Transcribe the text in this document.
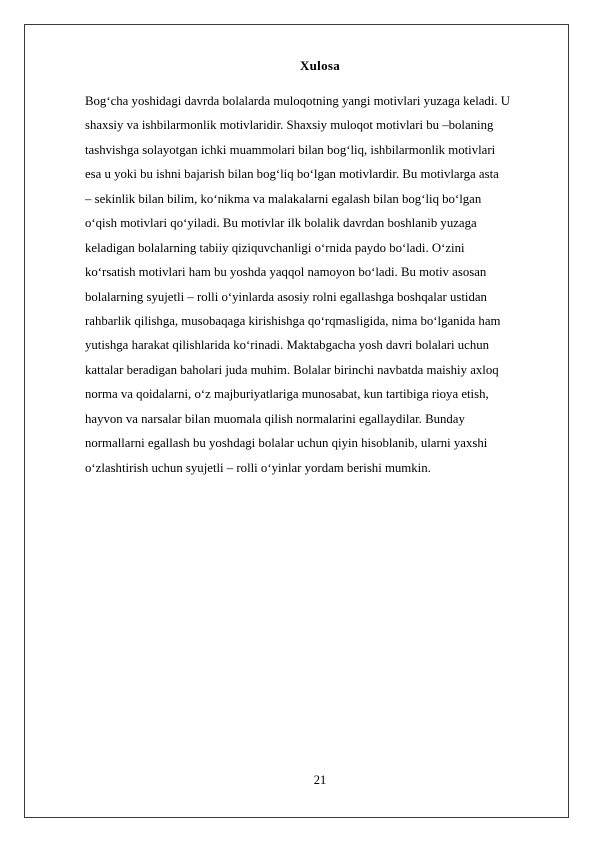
Xulosa
Bog‘cha yoshidagi davrda bolalarda muloqotning yangi motivlari yuzaga keladi. U
shaxsiy va ishbilarmonlik motivlaridir. Shaxsiy muloqot motivlari bu –bolaning
tashvishga solayotgan ichki muammolari bilan bog‘liq, ishbilarmonlik motivlari
esa u yoki bu ishni bajarish bilan bog‘liq bo‘lgan motivlardir. Bu motivlarga asta
– sekinlik bilan bilim, ko‘nikma va malakalarni egalash bilan bog‘liq bo‘lgan
o‘qish motivlari qo‘yiladi. Bu motivlar ilk bolalik davrdan boshlanib yuzaga
keladigan bolalarning tabiiy qiziquvchanligi o‘rnida paydo bo‘ladi. O‘zini
ko‘rsatish motivlari ham bu yoshda yaqqol namoyon bo‘ladi. Bu motiv asosan
bolalarning syujetli – rolli o‘yinlarda asosiy rolni egallashga boshqalar ustidan
rahbarlik qilishga, musobaqaga kirishishga qo‘rqmasligida, nima bo‘lganida ham
yutishga harakat qilishlarida ko‘rinadi. Maktabgacha yosh davri bolalari uchun
kattalar beradigan baholari juda muhim. Bolalar birinchi navbatda maishiy axloq
norma va qoidalarni, o‘z majburiyatlariga munosabat, kun tartibiga rioya etish,
hayvon va narsalar bilan muomala qilish normalarini egallaydilar. Bunday
normallarni egallash bu yoshdagi bolalar uchun qiyin hisoblanib, ularni yaxshi
o‘zlashtirish uchun syujetli – rolli o‘yinlar yordam berishi mumkin.
21
